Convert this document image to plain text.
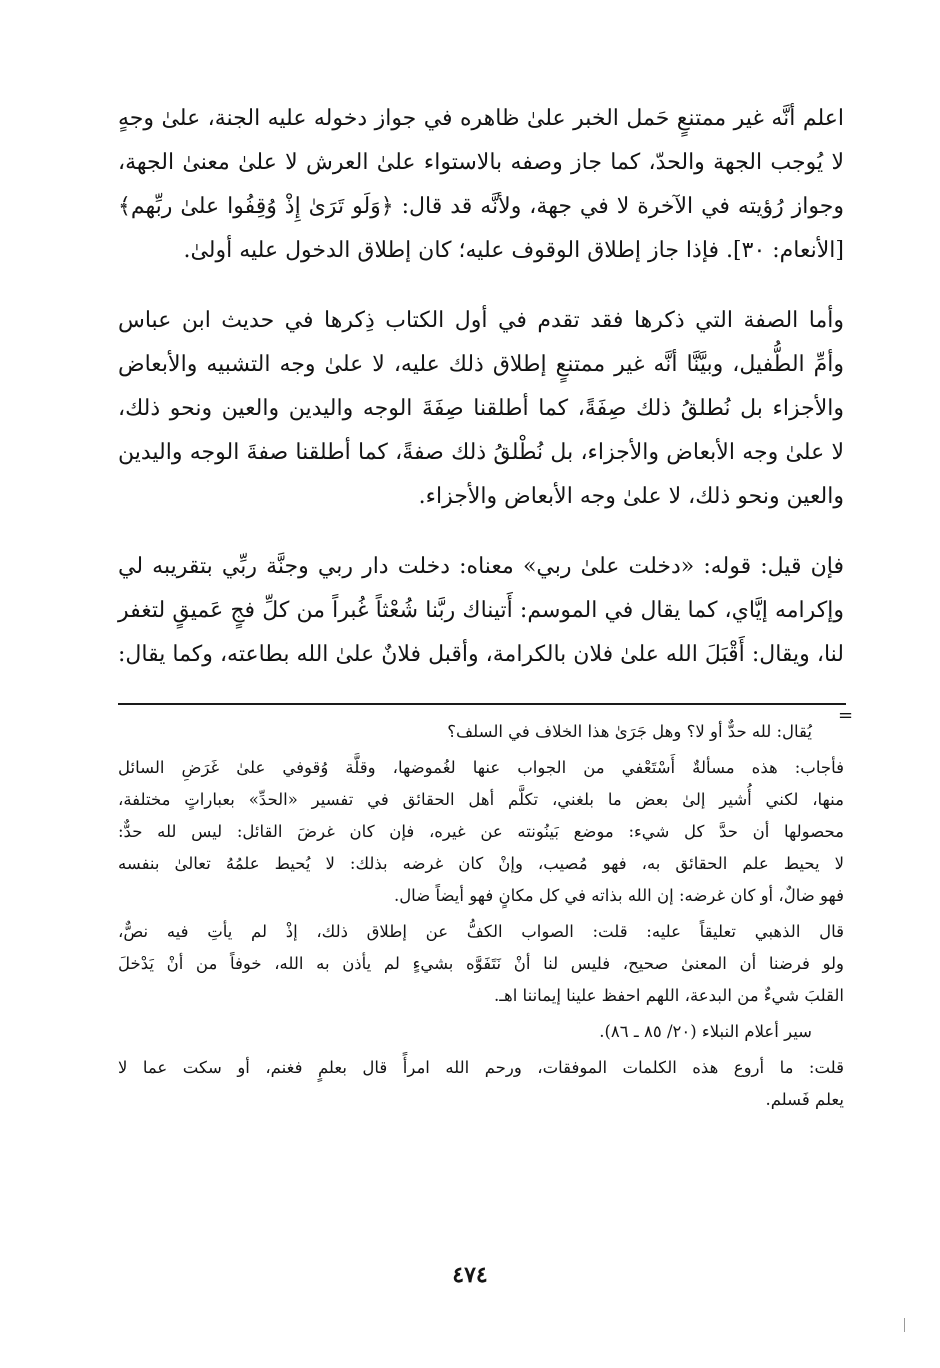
اعلم أنَّه غير ممتنعٍ حَمل الخبر علىٰ ظاهره في جواز دخوله عليه الجنة، علىٰ وجهٍ
لا يُوجب الجهة والحدّ، كما جاز وصفه بالاستواء علىٰ العرش لا علىٰ معنىٰ الجهة،
وجواز رُؤيته في الآخرة لا في جهة، ولأنَّه قد قال: ﴿وَلَو تَرَىٰ إِذْ وُقِفُوا علىٰ ربِّهم﴾
[الأنعام: ٣٠]. فإذا جاز إطلاق الوقوف عليه؛ كان إطلاق الدخول عليه أولىٰ.

وأما الصفة التي ذكرها فقد تقدم في أول الكتاب ذِكرها في حديث ابن عباس
وأمِّ الطُّفيل، وبيَّنَّا أنَّه غير ممتنعٍ إطلاق ذلك عليه، لا علىٰ وجه التشبيه والأبعاض
والأجزاء بل نُطلقُ ذلك صِفَةً، كما أطلقنا صِفَةَ الوجه واليدين والعين ونحو ذلك،
لا علىٰ وجه الأبعاض والأجزاء، بل نُطْلقُ ذلك صفةً، كما أطلقنا صفةَ الوجه واليدين
والعين ونحو ذلك، لا علىٰ وجه الأبعاض والأجزاء.

فإن قيل: قوله: «دخلت علىٰ ربي» معناه: دخلت دار ربي وجنَّة ربِّي بتقريبه لي
وإكرامه إيَّاي، كما يقال في الموسم: أَتيناك ربَّنا شُعْثاً غُبراً من كلِّ فجٍ عَميقٍ لتغفر
لنا، ويقال: أَقْبَلَ الله علىٰ فلان بالكرامة، وأقبل فلانٌ علىٰ الله بطاعته، وكما يقال:

=

يُقال: لله حدٌّ أو لا؟ وهل جَرَىٰ هذا الخلاف في السلف؟

فأجاب: هذه مسألةٌ أَسْتَعْفي من الجواب عنها لغُموضها، وقلَّة وُقوفي علىٰ غَرَضِ السائل
منها، لكني أُشير إلىٰ بعض ما بلغني، تكلَّم أهل الحقائق في تفسير «الحدِّ» بعباراتٍ مختلفة،
محصولها أن حدَّ كل شيء: موضع بَينُونته عن غيره، فإن كان غرضَ القائل: ليس لله حدٌّ:
لا يحيط علم الحقائق به، فهو مُصيب، وإنْ كان غرضه بذلك: لا يُحيط علمُهُ تعالىٰ بنفسه
فهو ضالٌ، أو كان غرضه: إن الله بذاته في كل مكانٍ فهو أيضاً ضال.

قال الذهبي تعليقاً عليه: قلت: الصواب الكفُّ عن إطلاق ذلك، إذْ لم يأتِ فيه نصٌّ،
ولو فرضنا أن المعنىٰ صحيح، فليس لنا أنْ نَتَفَوَّه بشيءٍ لم يأذن به الله، خوفاً من أنْ يَدْخلَ
القلبَ شيءٌ من البدعة، اللهم احفظ علينا إيماننا اهـ.

سير أعلام النبلاء (٢٠/ ٨٥ ـ ٨٦).

قلت: ما أروع هذه الكلمات الموفقات، ورحم الله امرأً قال بعلمٍ فغنم، أو سكت عما لا
يعلم فَسلم.

٤٧٤
